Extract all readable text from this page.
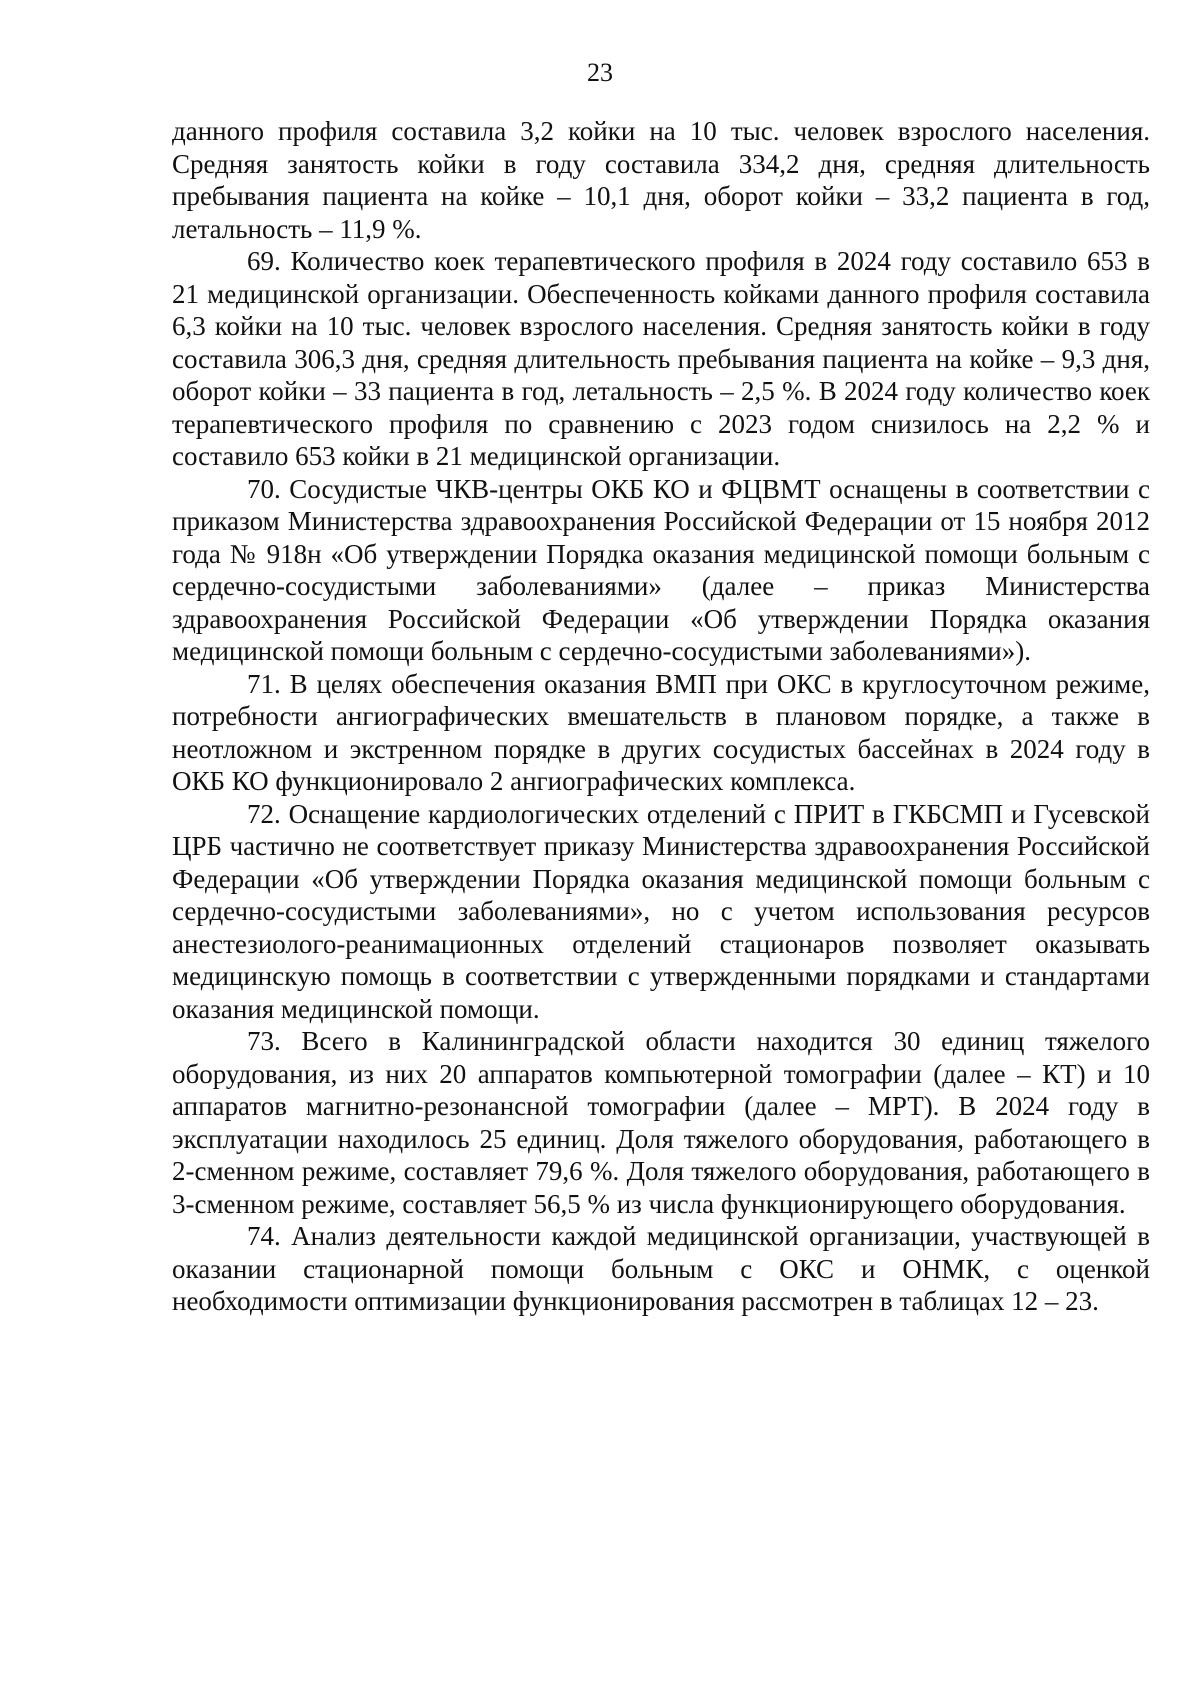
23

данного профиля составила 3,2 койки на 10 тыс. человек взрослого населения. Средняя занятость койки в году составила 334,2 дня, средняя длительность пребывания пациента на койке – 10,1 дня, оборот койки – 33,2 пациента в год, летальность – 11,9 %.

69. Количество коек терапевтического профиля в 2024 году составило 653 в 21 медицинской организации. Обеспеченность койками данного профиля составила 6,3 койки на 10 тыс. человек взрослого населения. Средняя занятость койки в году составила 306,3 дня, средняя длительность пребывания пациента на койке – 9,3 дня, оборот койки – 33 пациента в год, летальность – 2,5 %. В 2024 году количество коек терапевтического профиля по сравнению с 2023 годом снизилось на 2,2 % и составило 653 койки в 21 медицинской организации.

70. Сосудистые ЧКВ-центры ОКБ КО и ФЦВМТ оснащены в соответствии с приказом Министерства здравоохранения Российской Федерации от 15 ноября 2012 года № 918н «Об утверждении Порядка оказания медицинской помощи больным с сердечно-сосудистыми заболеваниями» (далее – приказ Министерства здравоохранения Российской Федерации «Об утверждении Порядка оказания медицинской помощи больным с сердечно-сосудистыми заболеваниями»).

71. В целях обеспечения оказания ВМП при ОКС в круглосуточном режиме, потребности ангиографических вмешательств в плановом порядке, а также в неотложном и экстренном порядке в других сосудистых бассейнах в 2024 году в ОКБ КО функционировало 2 ангиографических комплекса.

72. Оснащение кардиологических отделений с ПРИТ в ГКБСМП и Гусевской ЦРБ частично не соответствует приказу Министерства здравоохранения Российской Федерации «Об утверждении Порядка оказания медицинской помощи больным с сердечно-сосудистыми заболеваниями», но с учетом использования ресурсов анестезиолого-реанимационных отделений стационаров позволяет оказывать медицинскую помощь в соответствии с утвержденными порядками и стандартами оказания медицинской помощи.

73. Всего в Калининградской области находится 30 единиц тяжелого оборудования, из них 20 аппаратов компьютерной томографии (далее – КТ) и 10 аппаратов магнитно-резонансной томографии (далее – МРТ). В 2024 году в эксплуатации находилось 25 единиц. Доля тяжелого оборудования, работающего в 2-сменном режиме, составляет 79,6 %. Доля тяжелого оборудования, работающего в 3-сменном режиме, составляет 56,5 % из числа функционирующего оборудования.

74. Анализ деятельности каждой медицинской организации, участвующей в оказании стационарной помощи больным с ОКС и ОНМК, с оценкой необходимости оптимизации функционирования рассмотрен в таблицах 12 – 23.
